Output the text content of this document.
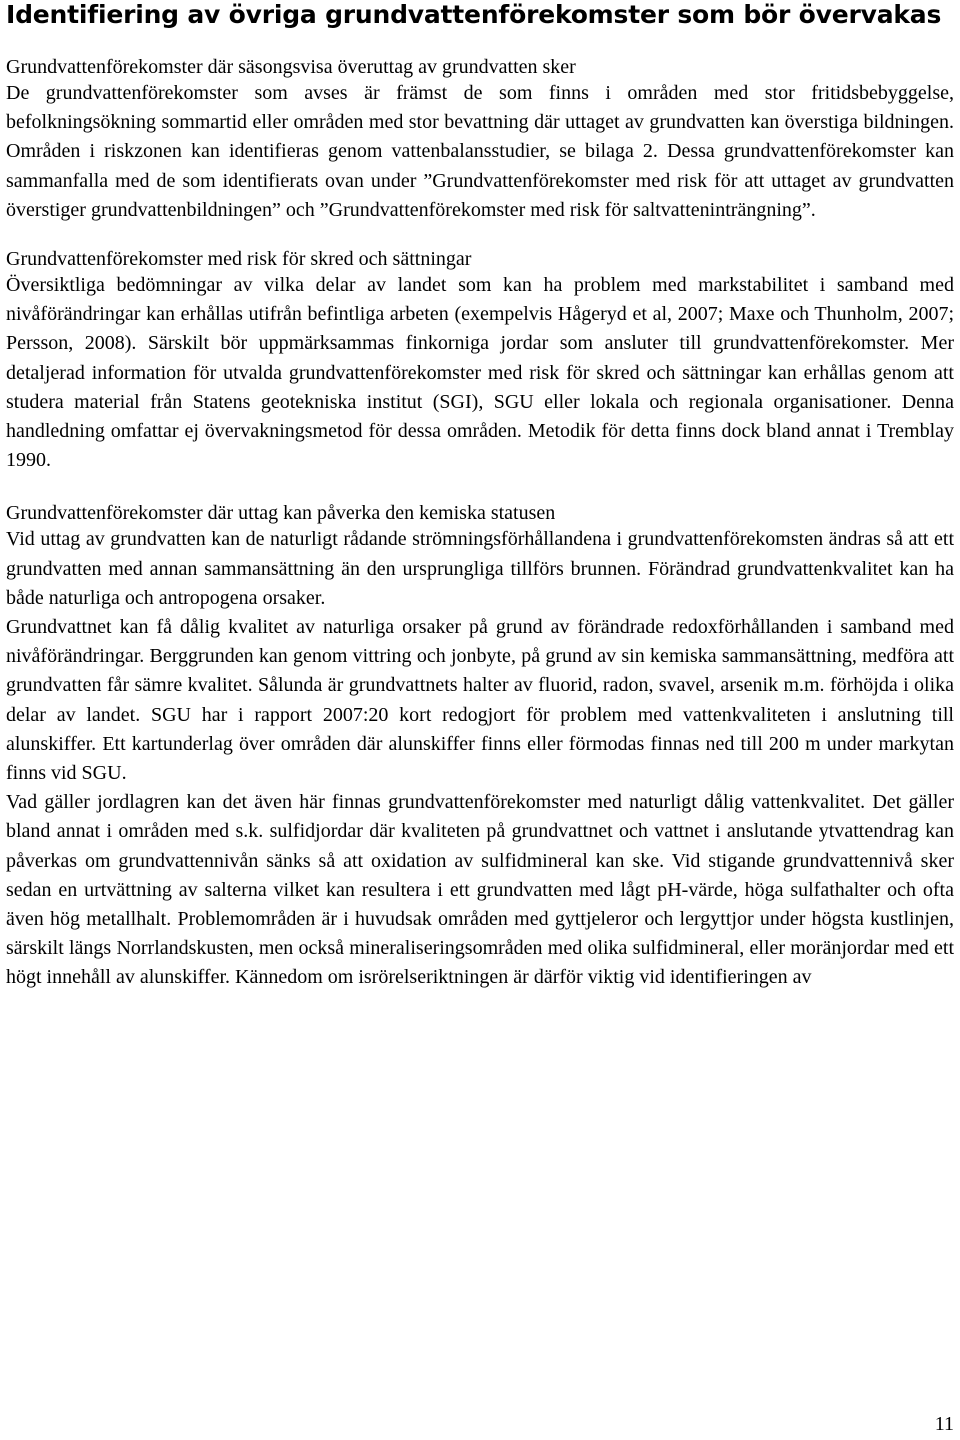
Identifiering av övriga grundvattenförekomster som bör övervakas
Grundvattenförekomster där säsongsvisa överuttag av grundvatten sker

De grundvattenförekomster som avses är främst de som finns i områden med stor fritidsbebyggelse, befolkningsökning sommartid eller områden med stor bevattning där uttaget av grundvatten kan överstiga bildningen. Områden i riskzonen kan identifieras genom vattenbalansstudier, se bilaga 2. Dessa grundvattenförekomster kan sammanfalla med de som identifierats ovan under ”Grundvattenförekomster med risk för att uttaget av grundvatten överstiger grundvattenbildningen” och ”Grundvattenförekomster med risk för saltvatteninträngning”.

Grundvattenförekomster med risk för skred och sättningar

Översiktliga bedömningar av vilka delar av landet som kan ha problem med markstabilitet i samband med nivåförändringar kan erhållas utifrån befintliga arbeten (exempelvis Hågeryd et al, 2007; Maxe och Thunholm, 2007; Persson, 2008). Särskilt bör uppmärksammas finkorniga jordar som ansluter till grundvattenförekomster. Mer detaljerad information för utvalda grundvattenförekomster med risk för skred och sättningar kan erhållas genom att studera material från Statens geotekniska institut (SGI), SGU eller lokala och regionala organisationer. Denna handledning omfattar ej övervakningsmetod för dessa områden. Metodik för detta finns dock bland annat i Tremblay 1990.

Grundvattenförekomster där uttag kan påverka den kemiska statusen

Vid uttag av grundvatten kan de naturligt rådande strömningsförhållandena i grundvattenförekomsten ändras så att ett grundvatten med annan sammansättning än den ursprungliga tillförs brunnen. Förändrad grundvattenkvalitet kan ha både naturliga och antropogena orsaker.

Grundvattnet kan få dålig kvalitet av naturliga orsaker på grund av förändrade redoxförhållanden i samband med nivåförändringar. Berggrunden kan genom vittring och jonbyte, på grund av sin kemiska sammansättning, medföra att grundvatten får sämre kvalitet. Sålunda är grundvattnets halter av fluorid, radon, svavel, arsenik m.m. förhöjda i olika delar av landet. SGU har i rapport 2007:20 kort redogjort för problem med vattenkvaliteten i anslutning till alunskiffer. Ett kartunderlag över områden där alunskiffer finns eller förmodas finnas ned till 200 m under markytan finns vid SGU.

Vad gäller jordlagren kan det även här finnas grundvattenförekomster med naturligt dålig vattenkvalitet. Det gäller bland annat i områden med s.k. sulfidjordar där kvaliteten på grundvattnet och vattnet i anslutande ytvattendrag kan påverkas om grundvattennivån sänks så att oxidation av sulfidmineral kan ske. Vid stigande grundvattennivå sker sedan en urtvättning av salterna vilket kan resultera i ett grundvatten med lågt pH-värde, höga sulfathalter och ofta även hög metallhalt. Problemområden är i huvudsak områden med gyttjeleror och lergyttjor under högsta kustlinjen, särskilt längs Norrlandskusten, men också mineraliseringsområden med olika sulfidmineral, eller moränjordar med ett högt innehåll av alunskiffer. Kännedom om isrörelseriktningen är därför viktig vid identifieringen av

11
